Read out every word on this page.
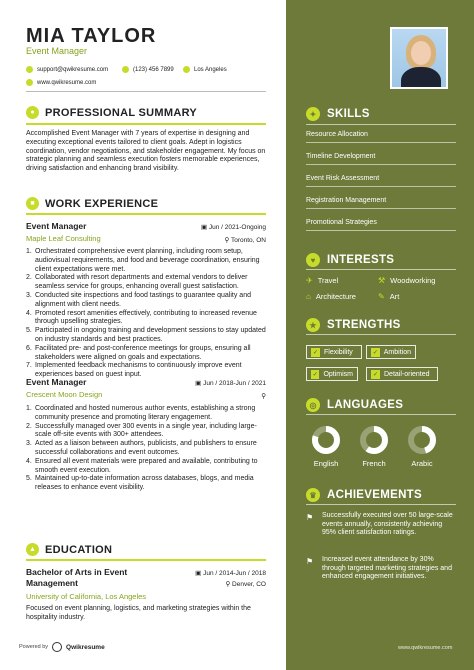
✦ SKILLS
Resource Allocation
Timeline Development
Event Risk Assessment
Registration Management
Promotional Strategies
♥	INTERESTS
✈ Travel	⚒ Woodworking
⌂ Architecture	✎ Art
★ STRENGTHS
✓ Flexibility	✓ Ambition
✓ Optimism	✓ Detail-oriented
◎ LANGUAGES
English	French	Arabic
♛ ACHIEVEMENTS
⚑	Successfully executed over 50 large-scale events annually, consistently achieving 95% client satisfaction ratings.

⚑	Increased event attendance by 30% through targeted marketing strategies and enhanced engagement initiatives.

www.qwikresume.com
MIA TAYLOR
Event Manager
support@qwikresume.com	(123) 456 7899	Los Angeles
www.qwikresume.com
● PROFESSIONAL SUMMARY
Accomplished Event Manager with 7 years of expertise in designing and executing exceptional events tailored to client goals. Adept in logistics coordination, vendor negotiations, and stakeholder engagement. My focus on strategic planning and seamless execution fosters memorable experiences, driving satisfaction and enhancing brand visibility.
■ WORK EXPERIENCE
Event Manager	▣ Jun / 2021-Ongoing
Maple Leaf Consulting	⚲ Toronto, ON
1. Orchestrated comprehensive event planning, including room setup, audiovisual requirements, and food and beverage coordination, ensuring client expectations were met.
2. Collaborated with resort departments and external vendors to deliver seamless service for groups, enhancing overall guest satisfaction.
3. Conducted site inspections and food tastings to guarantee quality and alignment with client needs.
4. Promoted resort amenities effectively, contributing to increased revenue through upselling strategies.
5. Participated in ongoing training and development sessions to stay updated on industry standards and best practices.
6. Facilitated pre- and post-conference meetings for groups, ensuring all stakeholders were aligned on goals and expectations.
7. Implemented feedback mechanisms to continuously improve event experiences based on guest input.
Event Manager	▣ Jun / 2018-Jun / 2021
Crescent Moon Design	⚲
1. Coordinated and hosted numerous author events, establishing a strong community presence and promoting literary engagement.
2. Successfully managed over 300 events in a single year, including large-scale off-site events with 300+ attendees.
3. Acted as a liaison between authors, publicists, and publishers to ensure successful collaborations and event outcomes.
4. Ensured all event materials were prepared and available, contributing to smooth event execution.
5. Maintained up-to-date information across databases, blogs, and media releases to enhance event visibility.
▲ EDUCATION
Bachelor of Arts in Event Management
▣ Jun / 2014-Jun / 2018
⚲ Denver, CO
University of California, Los Angeles
Focused on event planning, logistics, and marketing strategies within the hospitality industry.
Powered by	Qwikresume
